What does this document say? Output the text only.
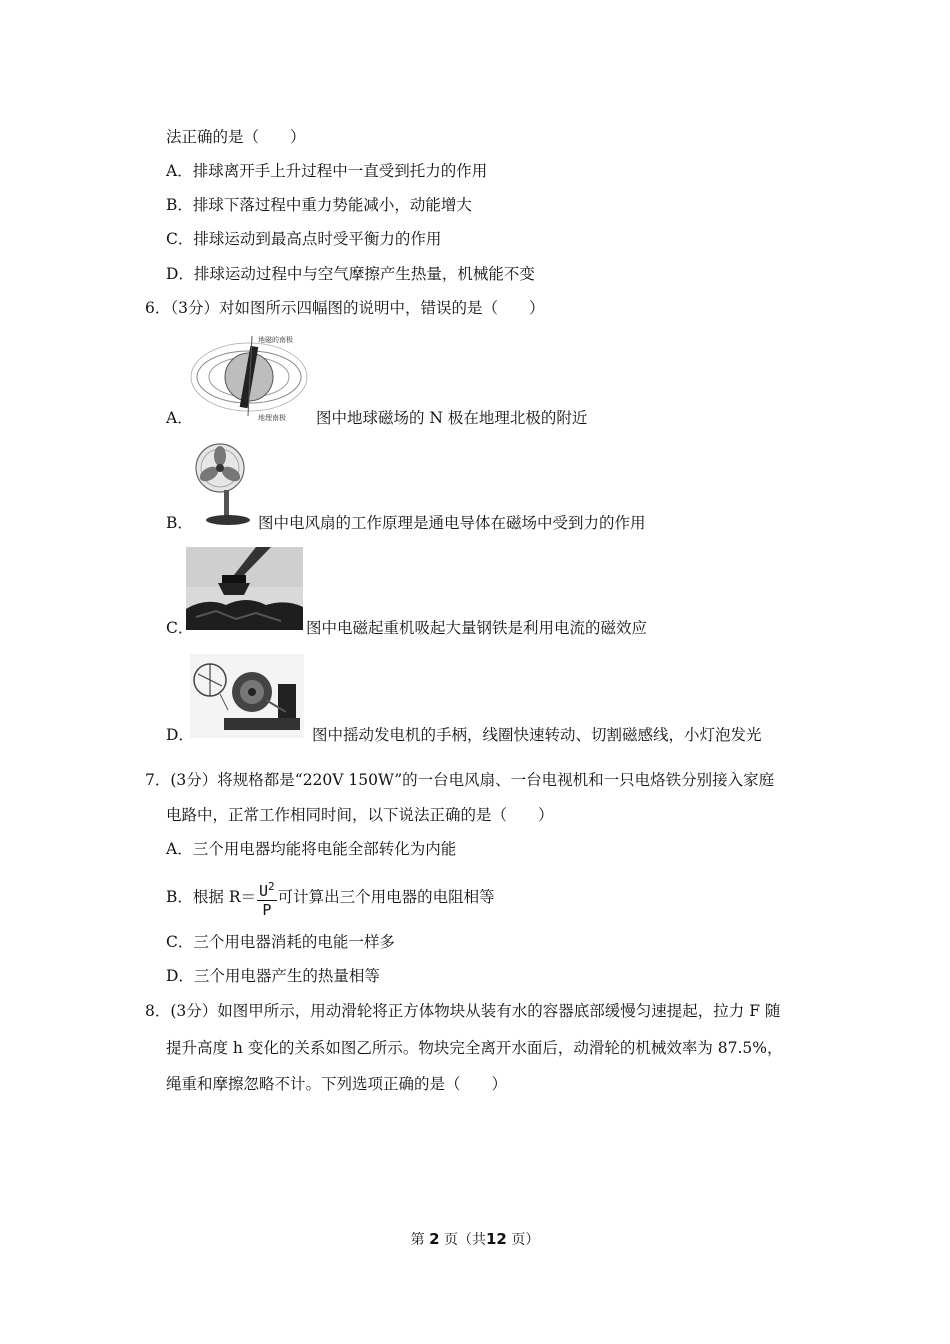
法正确的是（　　）
A．排球离开手上升过程中一直受到托力的作用
B．排球下落过程中重力势能减小，动能增大
C．排球运动到最高点时受平衡力的作用
D．排球运动过程中与空气摩擦产生热量，机械能不变
6．（3分）对如图所示四幅图的说明中，错误的是（　　）
地磁的南极
地理南极
A．	图中地球磁场的 N 极在地理北极的附近
B．	图中电风扇的工作原理是通电导体在磁场中受到力的作用
C．	图中电磁起重机吸起大量钢铁是利用电流的磁效应
D．	图中摇动发电机的手柄，线圈快速转动、切割磁感线，小灯泡发光
7．(3分）将规格都是“220V 150W”的一台电风扇、一台电视机和一只电烙铁分别接入家庭
电路中，正常工作相同时间，以下说法正确的是（　　）
A．三个用电器均能将电能全部转化为内能
B．根据 $R= \frac{U^2}{P}$ 可计算出三个用电器的电阻相等
C．三个用电器消耗的电能一样多
D．三个用电器产生的热量相等
8．(3分）如图甲所示，用动滑轮将正方体物块从装有水的容器底部缓慢匀速提起，拉力 F 随
提升高度 h 变化的关系如图乙所示。物块完全离开水面后，动滑轮的机械效率为 87.5%，
绳重和摩擦忽略不计。下列选项正确的是（　　）
第 2 页（共12 页）
